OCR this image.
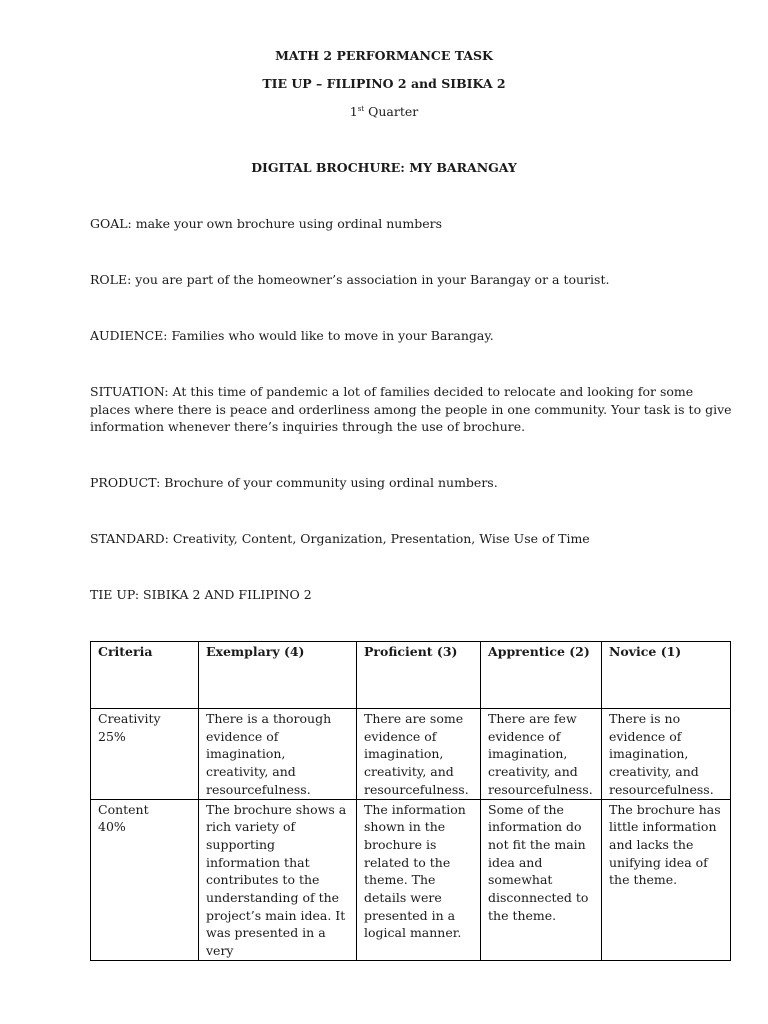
MATH 2 PERFORMANCE TASK
TIE UP – FILIPINO 2 and SIBIKA 2
1st Quarter
DIGITAL BROCHURE: MY BARANGAY
GOAL: make your own brochure using ordinal numbers
ROLE: you are part of the homeowner’s association in your Barangay or a tourist.
AUDIENCE: Families who would like to move in your Barangay.
SITUATION: At this time of pandemic a lot of families decided to relocate and looking for some places where there is peace and orderliness among the people in one community. Your task is to give information whenever there’s inquiries through the use of brochure.
PRODUCT: Brochure of your community using ordinal numbers.
STANDARD: Creativity, Content, Organization, Presentation, Wise Use of Time
TIE UP: SIBIKA 2 AND FILIPINO 2
Criteria	Exemplary (4)	Proficient (3)	Apprentice (2)	Novice (1)

Creativity
25%	There is a thorough evidence of imagination, creativity, and resourcefulness.	There are some evidence of imagination, creativity, and resourcefulness.	There are few evidence of imagination, creativity, and resourcefulness.	There is no evidence of imagination, creativity, and resourcefulness.

Content
40%	The brochure shows a rich variety of supporting information that contributes to the understanding of the project’s main idea. It was presented in a very	The information shown in the brochure is related to the theme. The details were presented in a logical manner.	Some of the information do not fit the main idea and somewhat disconnected to the theme.	The brochure has little information and lacks the unifying idea of the theme.
